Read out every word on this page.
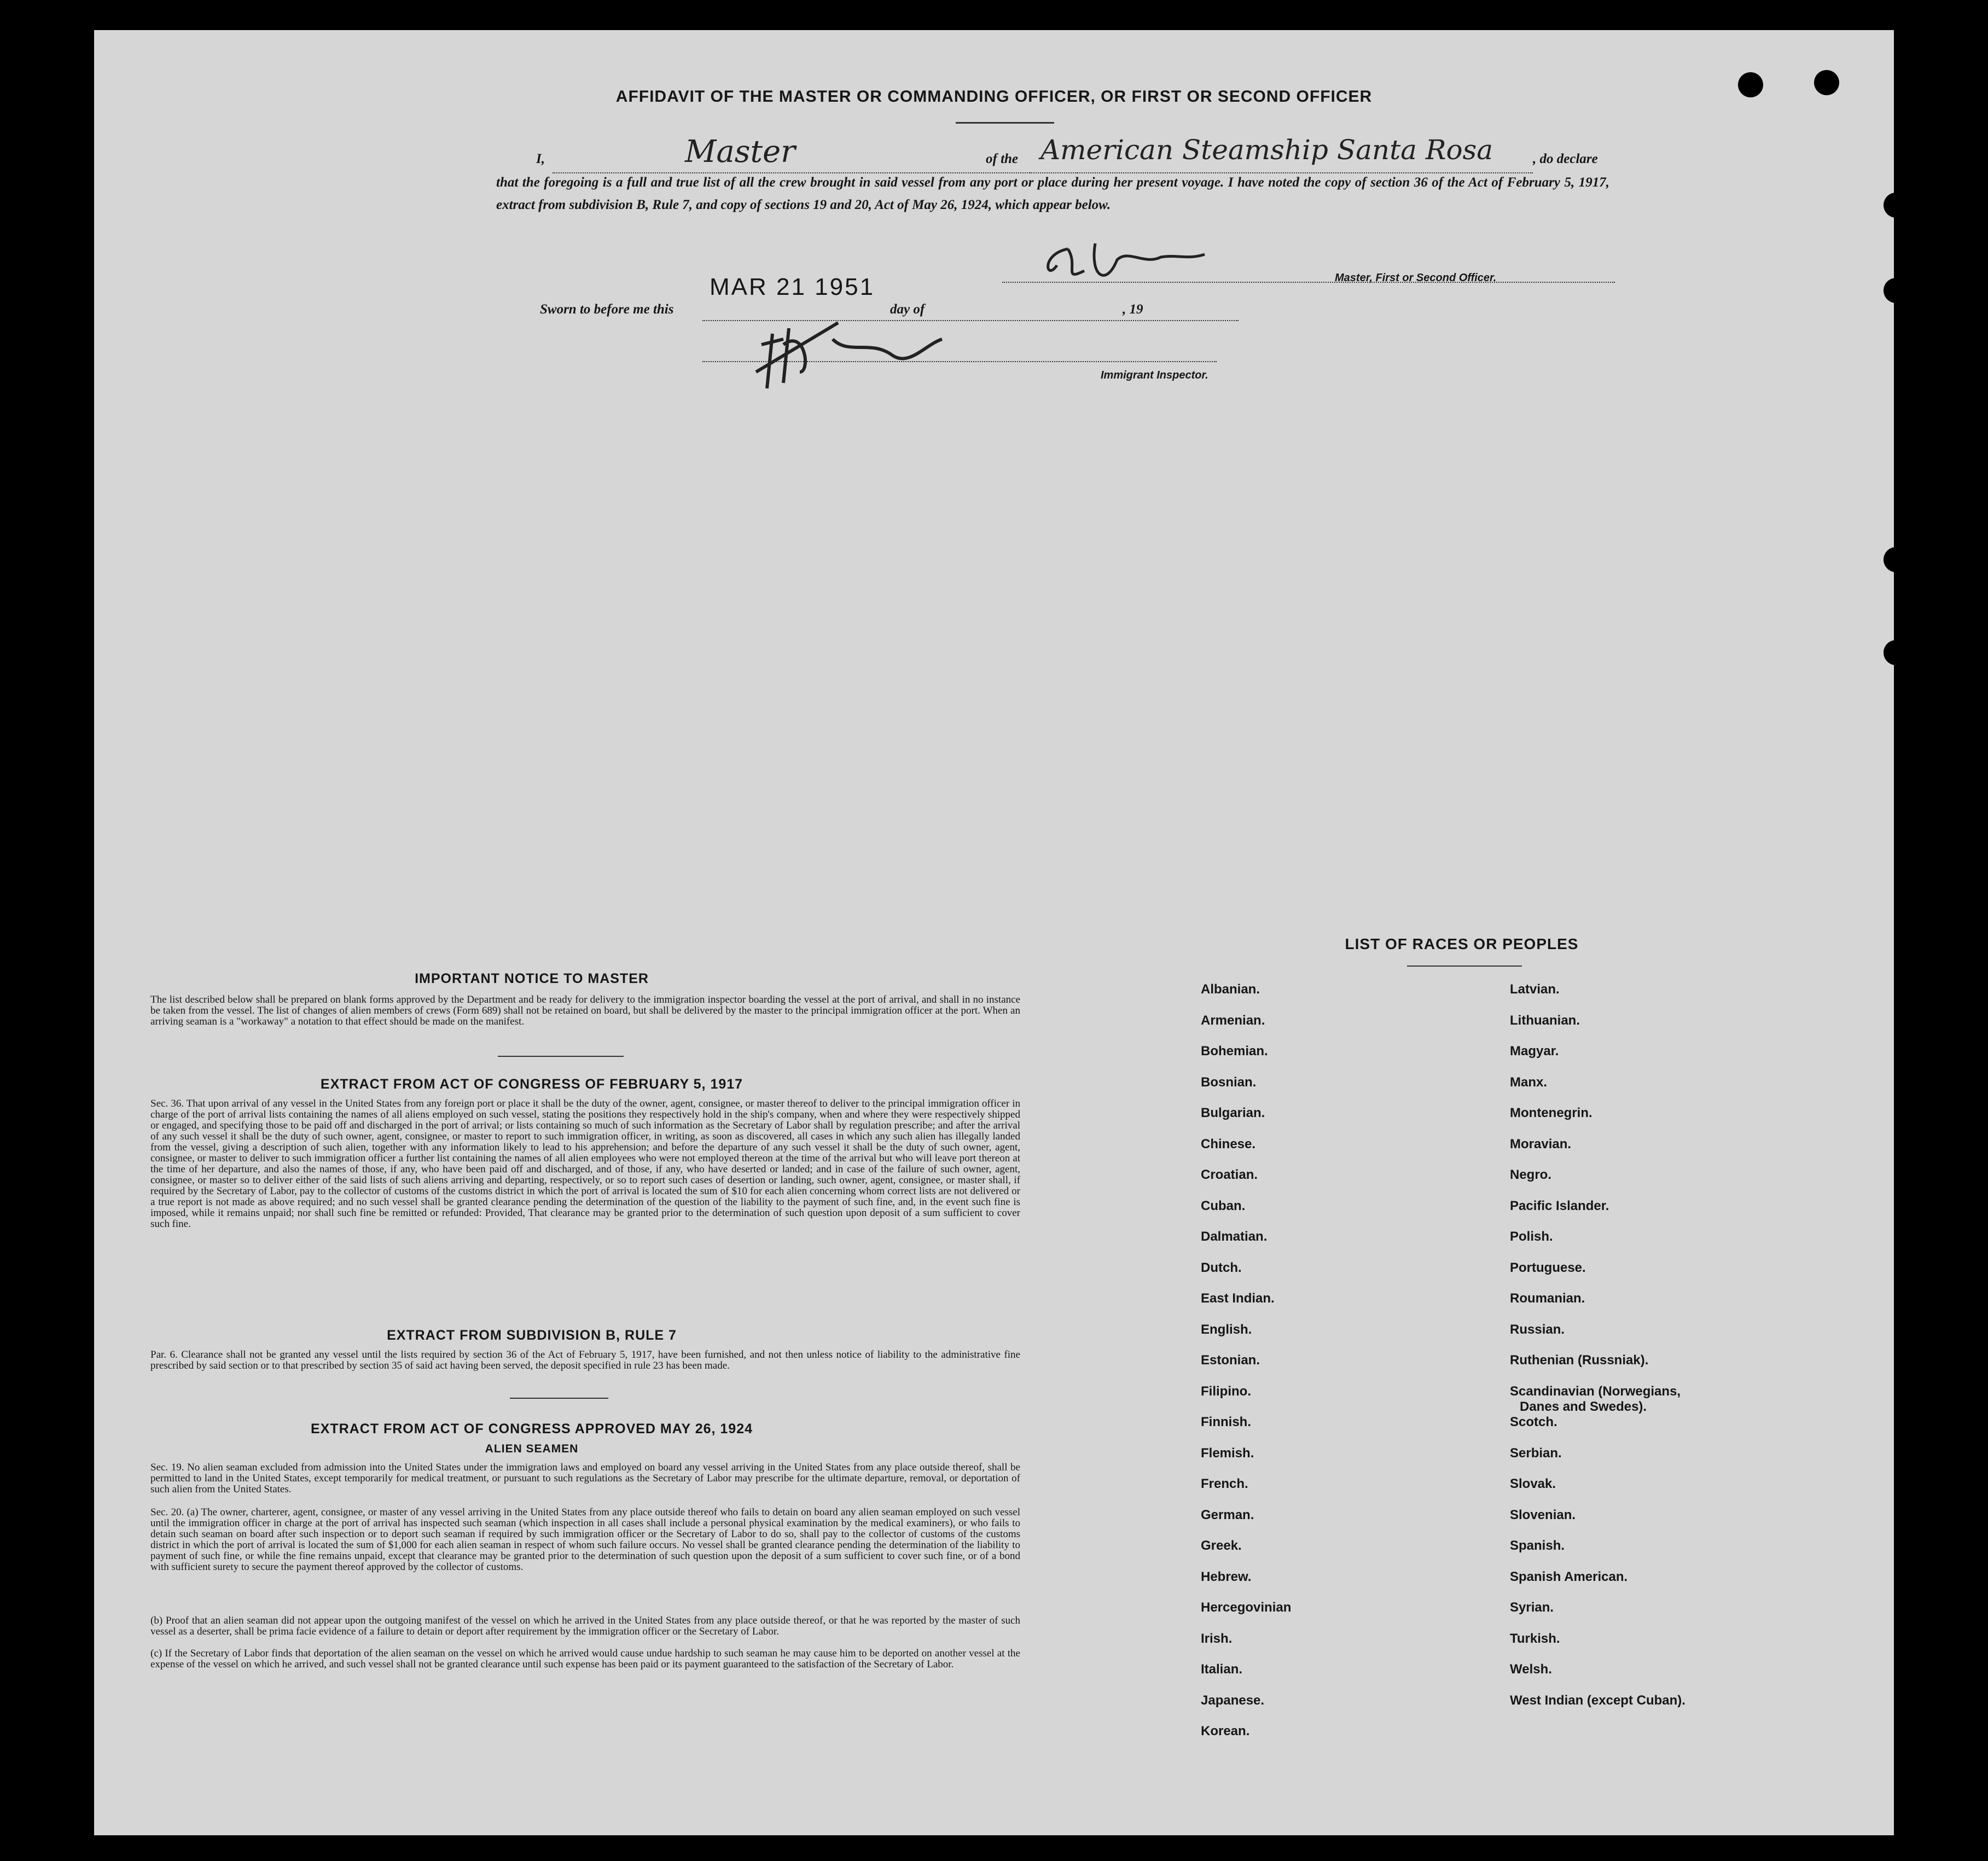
AFFIDAVIT OF THE MASTER OR COMMANDING OFFICER, OR FIRST OR SECOND OFFICER
I,	Master	of the American Steamship Santa Rosa	, do declare
that the foregoing is a full and true list of all the crew brought in said vessel from any port or place during her present voyage. I have noted the copy of section 36 of the Act of February 5, 1917, extract from subdivision B, Rule 7, and copy of sections 19 and 20, Act of May 26, 1924, which appear below.
Master, First or Second Officer.
MAR 21 1951
Sworn to before me this	day of	, 19
Immigrant Inspector.
IMPORTANT NOTICE TO MASTER
The list described below shall be prepared on blank forms approved by the Department and be ready for delivery to the immigration inspector boarding the vessel at the port of arrival, and shall in no instance be taken from the vessel. The list of changes of alien members of crews (Form 689) shall not be retained on board, but shall be delivered by the master to the principal immigration officer at the port. When an arriving seaman is a "workaway" a notation to that effect should be made on the manifest.
EXTRACT FROM ACT OF CONGRESS OF FEBRUARY 5, 1917
Sec. 36. That upon arrival of any vessel in the United States from any foreign port or place it shall be the duty of the owner, agent, consignee, or master thereof to deliver to the principal immigration officer in charge of the port of arrival lists containing the names of all aliens employed on such vessel, stating the positions they respectively hold in the ship's company, when and where they were respectively shipped or engaged, and specifying those to be paid off and discharged in the port of arrival; or lists containing so much of such information as the Secretary of Labor shall by regulation prescribe; and after the arrival of any such vessel it shall be the duty of such owner, agent, consignee, or master to report to such immigration officer, in writing, as soon as discovered, all cases in which any such alien has illegally landed from the vessel, giving a description of such alien, together with any information likely to lead to his apprehension; and before the departure of any such vessel it shall be the duty of such owner, agent, consignee, or master to deliver to such immigration officer a further list containing the names of all alien employees who were not employed thereon at the time of the arrival but who will leave port thereon at the time of her departure, and also the names of those, if any, who have been paid off and discharged, and of those, if any, who have deserted or landed; and in case of the failure of such owner, agent, consignee, or master so to deliver either of the said lists of such aliens arriving and departing, respectively, or so to report such cases of desertion or landing, such owner, agent, consignee, or master shall, if required by the Secretary of Labor, pay to the collector of customs of the customs district in which the port of arrival is located the sum of $10 for each alien concerning whom correct lists are not delivered or a true report is not made as above required; and no such vessel shall be granted clearance pending the determination of the question of the liability to the payment of such fine, and, in the event such fine is imposed, while it remains unpaid; nor shall such fine be remitted or refunded: Provided, That clearance may be granted prior to the determination of such question upon deposit of a sum sufficient to cover such fine.
EXTRACT FROM SUBDIVISION B, RULE 7
Par. 6. Clearance shall not be granted any vessel until the lists required by section 36 of the Act of February 5, 1917, have been furnished, and not then unless notice of liability to the administrative fine prescribed by said section or to that prescribed by section 35 of said act having been served, the deposit specified in rule 23 has been made.
EXTRACT FROM ACT OF CONGRESS APPROVED MAY 26, 1924
ALIEN SEAMEN
Sec. 19. No alien seaman excluded from admission into the United States under the immigration laws and employed on board any vessel arriving in the United States from any place outside thereof, shall be permitted to land in the United States, except temporarily for medical treatment, or pursuant to such regulations as the Secretary of Labor may prescribe for the ultimate departure, removal, or deportation of such alien from the United States.
Sec. 20. (a) The owner, charterer, agent, consignee, or master of any vessel arriving in the United States from any place outside thereof who fails to detain on board any alien seaman employed on such vessel until the immigration officer in charge at the port of arrival has inspected such seaman (which inspection in all cases shall include a personal physical examination by the medical examiners), or who fails to detain such seaman on board after such inspection or to deport such seaman if required by such immigration officer or the Secretary of Labor to do so, shall pay to the collector of customs of the customs district in which the port of arrival is located the sum of $1,000 for each alien seaman in respect of whom such failure occurs. No vessel shall be granted clearance pending the determination of the liability to payment of such fine, or while the fine remains unpaid, except that clearance may be granted prior to the determination of such question upon the deposit of a sum sufficient to cover such fine, or of a bond with sufficient surety to secure the payment thereof approved by the collector of customs.
(b) Proof that an alien seaman did not appear upon the outgoing manifest of the vessel on which he arrived in the United States from any place outside thereof, or that he was reported by the master of such vessel as a deserter, shall be prima facie evidence of a failure to detain or deport after requirement by the immigration officer or the Secretary of Labor.
(c) If the Secretary of Labor finds that deportation of the alien seaman on the vessel on which he arrived would cause undue hardship to such seaman he may cause him to be deported on another vessel at the expense of the vessel on which he arrived, and such vessel shall not be granted clearance until such expense has been paid or its payment guaranteed to the satisfaction of the Secretary of Labor.
LIST OF RACES OR PEOPLES
Albanian.
Armenian.
Bohemian.
Bosnian.
Bulgarian.
Chinese.
Croatian.
Cuban.
Dalmatian.
Dutch.
East Indian.
English.
Estonian.
Filipino.
Finnish.
Flemish.
French.
German.
Greek.
Hebrew.
Hercegovinian
Irish.
Italian.
Japanese.
Korean.
Latvian.
Lithuanian.
Magyar.
Manx.
Montenegrin.
Moravian.
Negro.
Pacific Islander.
Polish.
Portuguese.
Roumanian.
Russian.
Ruthenian (Russniak).
Scandinavian (Norwegians,
Danes and Swedes).
Scotch.
Serbian.
Slovak.
Slovenian.
Spanish.
Spanish American.
Syrian.
Turkish.
Welsh.
West Indian (except Cuban).
